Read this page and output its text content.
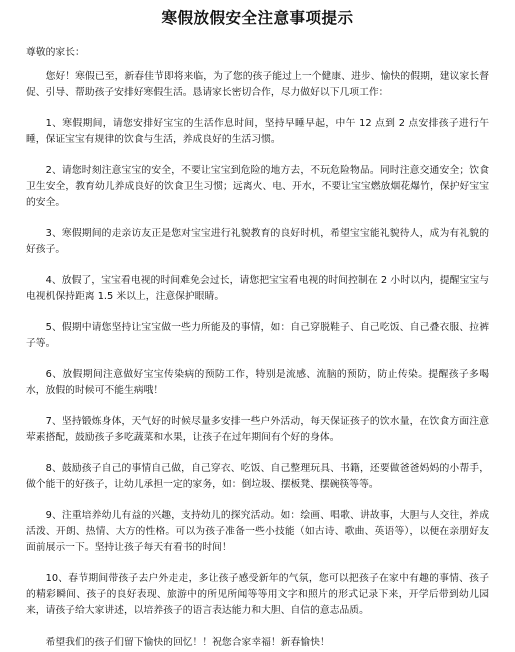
寒假放假安全注意事项提示

尊敬的家长：

您好！寒假已至，新春佳节即将来临，为了您的孩子能过上一个健康、进步、愉快的假期，建议家长督促、引导、帮助孩子安排好寒假生活。恳请家长密切合作，尽力做好以下几项工作：

1、寒假期间，请您安排好宝宝的生活作息时间，坚持早睡早起，中午 12 点到 2 点安排孩子进行午睡，保证宝宝有规律的饮食与生活，养成良好的生活习惯。

2、请您时刻注意宝宝的安全，不要让宝宝到危险的地方去，不玩危险物品。同时注意交通安全；饮食卫生安全，教育幼儿养成良好的饮食卫生习惯；远离火、电、开水，不要让宝宝燃放烟花爆竹，保护好宝宝的安全。

3、寒假期间的走亲访友正是您对宝宝进行礼貌教育的良好时机，希望宝宝能礼貌待人，成为有礼貌的好孩子。

4、放假了，宝宝看电视的时间难免会过长，请您把宝宝看电视的时间控制在 2 小时以内，提醒宝宝与电视机保持距离 1.5 米以上，注意保护眼睛。

5、假期中请您坚持让宝宝做一些力所能及的事情，如：自己穿脱鞋子、自己吃饭、自己叠衣服、拉裤子等。

6、放假期间注意做好宝宝传染病的预防工作，特别是流感、流脑的预防，防止传染。提醒孩子多喝水，放假的时候可不能生病哦！

7、坚持锻炼身体，天气好的时候尽量多安排一些户外活动，每天保证孩子的饮水量，在饮食方面注意荤素搭配，鼓励孩子多吃蔬菜和水果，让孩子在过年期间有个好的身体。

8、鼓励孩子自己的事情自己做，自己穿衣、吃饭、自己整理玩具、书籍，还要做爸爸妈妈的小帮手，做个能干的好孩子，让幼儿承担一定的家务，如：倒垃圾、摆板凳、摆碗筷等等。

9、注重培养幼儿有益的兴趣，支持幼儿的探究活动。如：绘画、唱歌、讲故事，大胆与人交往，养成活泼、开朗、热情、大方的性格。可以为孩子准备一些小技能（如古诗、歌曲、英语等），以便在亲朋好友面前展示一下。坚持让孩子每天有看书的时间！

10、春节期间带孩子去户外走走，多让孩子感受新年的气氛，您可以把孩子在家中有趣的事情、孩子的精彩瞬间、孩子的良好表现、旅游中的所见所闻等等用文字和照片的形式记录下来，开学后带到幼儿园来，请孩子给大家讲述，以培养孩子的语言表达能力和大胆、自信的意志品质。

希望我们的孩子们留下愉快的回忆！！祝您合家幸福！新春愉快！
